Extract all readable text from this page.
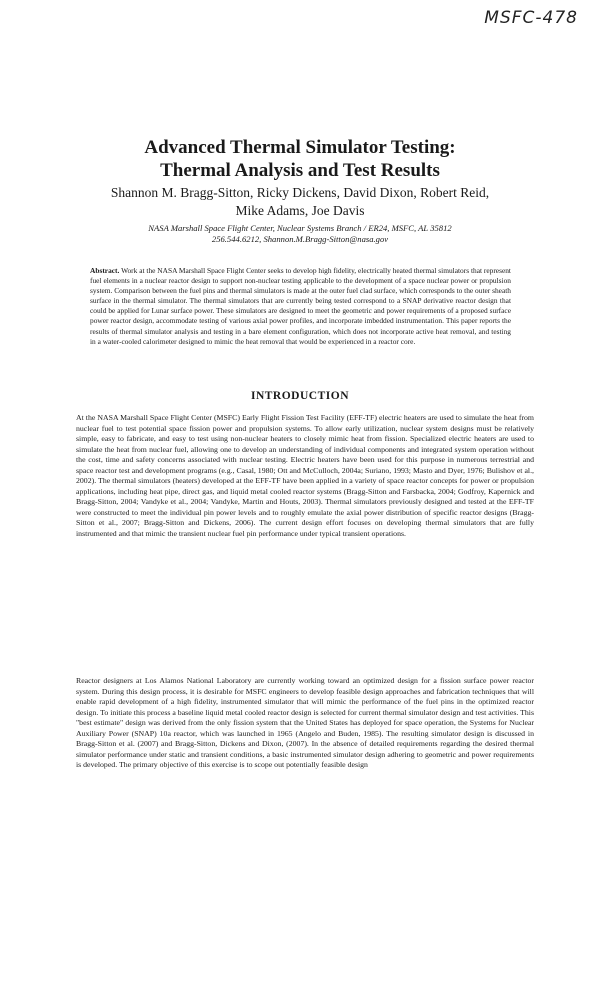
MSFC-478
Advanced Thermal Simulator Testing:
Thermal Analysis and Test Results
Shannon M. Bragg-Sitton, Ricky Dickens, David Dixon, Robert Reid, Mike Adams, Joe Davis
NASA Marshall Space Flight Center, Nuclear Systems Branch / ER24, MSFC, AL 35812
256.544.6212, Shannon.M.Bragg-Sitton@nasa.gov
Abstract. Work at the NASA Marshall Space Flight Center seeks to develop high fidelity, electrically heated thermal simulators that represent fuel elements in a nuclear reactor design to support non-nuclear testing applicable to the development of a space nuclear power or propulsion system. Comparison between the fuel pins and thermal simulators is made at the outer fuel clad surface, which corresponds to the outer sheath surface in the thermal simulator. The thermal simulators that are currently being tested correspond to a SNAP derivative reactor design that could be applied for Lunar surface power. These simulators are designed to meet the geometric and power requirements of a proposed surface power reactor design, accommodate testing of various axial power profiles, and incorporate imbedded instrumentation. This paper reports the results of thermal simulator analysis and testing in a bare element configuration, which does not incorporate active heat removal, and testing in a water-cooled calorimeter designed to mimic the heat removal that would be experienced in a reactor core.
INTRODUCTION
At the NASA Marshall Space Flight Center (MSFC) Early Flight Fission Test Facility (EFF-TF) electric heaters are used to simulate the heat from nuclear fuel to test potential space fission power and propulsion systems. To allow early utilization, nuclear system designs must be relatively simple, easy to fabricate, and easy to test using non-nuclear heaters to closely mimic heat from fission. Specialized electric heaters are used to simulate the heat from nuclear fuel, allowing one to develop an understanding of individual components and integrated system operation without the cost, time and safety concerns associated with nuclear testing. Electric heaters have been used for this purpose in numerous terrestrial and space reactor test and development programs (e.g., Casal, 1980; Ott and McCulloch, 2004a; Suriano, 1993; Masto and Dyer, 1976; Bulishov et al., 2002). The thermal simulators (heaters) developed at the EFF-TF have been applied in a variety of space reactor concepts for power or propulsion applications, including heat pipe, direct gas, and liquid metal cooled reactor systems (Bragg-Sitton and Farsbacka, 2004; Godfroy, Kapernick and Bragg-Sitton, 2004; Vandyke et al., 2004; Vandyke, Martin and Houts, 2003). Thermal simulators previously designed and tested at the EFF-TF were constructed to meet the individual pin power levels and to roughly emulate the axial power distribution of specific reactor designs (Bragg-Sitton et al., 2007; Bragg-Sitton and Dickens, 2006). The current design effort focuses on developing thermal simulators that are fully instrumented and that mimic the transient nuclear fuel pin performance under typical transient operations.
Reactor designers at Los Alamos National Laboratory are currently working toward an optimized design for a fission surface power reactor system. During this design process, it is desirable for MSFC engineers to develop feasible design approaches and fabrication techniques that will enable rapid development of a high fidelity, instrumented simulator that will mimic the performance of the fuel pins in the optimized reactor design. To initiate this process a baseline liquid metal cooled reactor design is selected for current thermal simulator design and test activities. This "best estimate" design was derived from the only fission system that the United States has deployed for space operation, the Systems for Nuclear Auxiliary Power (SNAP) 10a reactor, which was launched in 1965 (Angelo and Buden, 1985). The resulting simulator design is discussed in Bragg-Sitton et al. (2007) and Bragg-Sitton, Dickens and Dixon, (2007). In the absence of detailed requirements regarding the desired thermal simulator performance under static and transient conditions, a basic instrumented simulator design adhering to geometric and power requirements is developed. The primary objective of this exercise is to scope out potentially feasible design
